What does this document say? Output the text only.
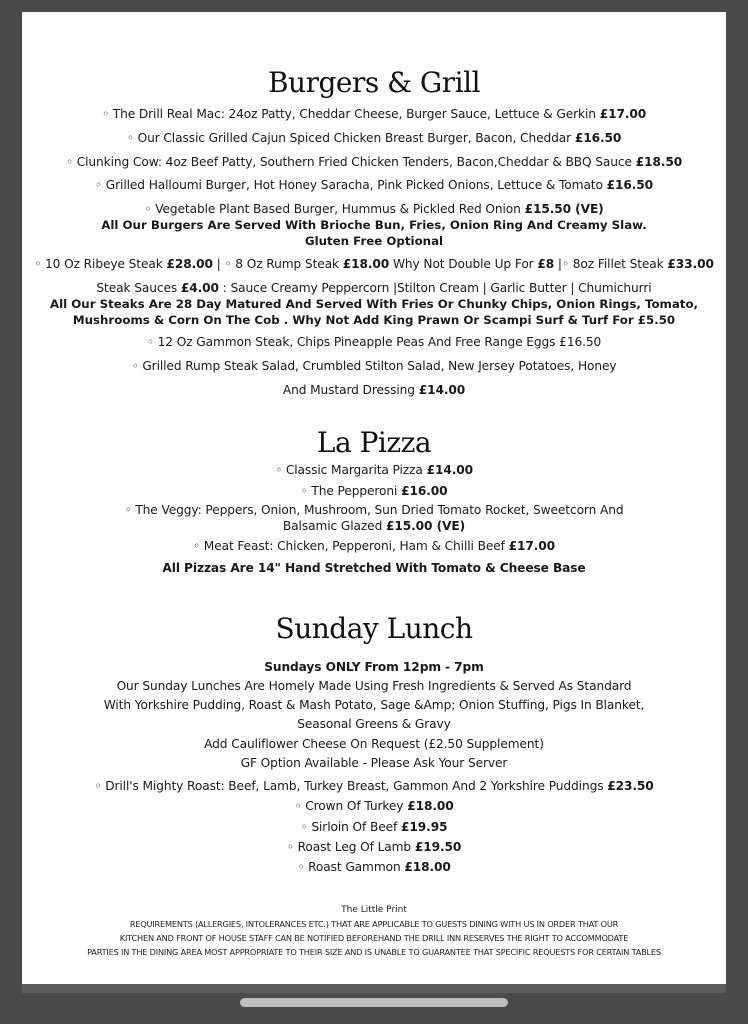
Burgers & Grill

◦ The Drill Real Mac: 24oz Patty, Cheddar Cheese, Burger Sauce, Lettuce & Gerkin £17.00

◦ Our Classic Grilled Cajun Spiced Chicken Breast Burger, Bacon, Cheddar £16.50

◦ Clunking Cow: 4oz Beef Patty, Southern Fried Chicken Tenders, Bacon,Cheddar & BBQ Sauce £18.50

◦ Grilled Halloumi Burger, Hot Honey Saracha, Pink Picked Onions, Lettuce & Tomato £16.50

◦ Vegetable Plant Based Burger, Hummus & Pickled Red Onion £15.50 (VE)

All Our Burgers Are Served With Brioche Bun, Fries, Onion Ring And Creamy Slaw.

Gluten Free Optional

◦ 10 Oz Ribeye Steak £28.00 | ◦ 8 Oz Rump Steak £18.00 Why Not Double Up For £8 |◦ 8oz Fillet Steak £33.00

Steak Sauces £4.00 : Sauce Creamy Peppercorn |Stilton Cream | Garlic Butter | Chumichurri

All Our Steaks Are 28 Day Matured And Served With Fries Or Chunky Chips, Onion Rings, Tomato,

Mushrooms & Corn On The Cob . Why Not Add King Prawn Or Scampi Surf & Turf For £5.50

◦ 12 Oz Gammon Steak, Chips Pineapple Peas And Free Range Eggs £16.50

◦ Grilled Rump Steak Salad, Crumbled Stilton Salad, New Jersey Potatoes, Honey

And Mustard Dressing £14.00

La Pizza

◦ Classic Margarita Pizza £14.00

◦ The Pepperoni £16.00

◦ The Veggy: Peppers, Onion, Mushroom, Sun Dried Tomato Rocket, Sweetcorn And

Balsamic Glazed £15.00 (VE)

◦ Meat Feast: Chicken, Pepperoni, Ham & Chilli Beef £17.00

All Pizzas Are 14" Hand Stretched With Tomato & Cheese Base

Sunday Lunch

Sundays ONLY From 12pm - 7pm

Our Sunday Lunches Are Homely Made Using Fresh Ingredients & Served As Standard

With Yorkshire Pudding, Roast & Mash Potato, Sage &Amp; Onion Stuffing, Pigs In Blanket,

Seasonal Greens & Gravy

Add Cauliflower Cheese On Request (£2.50 Supplement)

GF Option Available - Please Ask Your Server

◦ Drill's Mighty Roast: Beef, Lamb, Turkey Breast, Gammon And 2 Yorkshire Puddings £23.50

◦ Crown Of Turkey £18.00

◦ Sirloin Of Beef £19.95

◦ Roast Leg Of Lamb £19.50

◦ Roast Gammon £18.00

The Little Print

REQUIREMENTS (ALLERGIES, INTOLERANCES ETC.) THAT ARE APPLICABLE TO GUESTS DINING WITH US IN ORDER THAT OUR

KITCHEN AND FRONT OF HOUSE STAFF CAN BE NOTIFIED BEFOREHAND THE DRILL INN RESERVES THE RIGHT TO ACCOMMODATE

PARTIES IN THE DINING AREA MOST APPROPRIATE TO THEIR SIZE AND IS UNABLE TO GUARANTEE THAT SPECIFIC REQUESTS FOR CERTAIN TABLES
